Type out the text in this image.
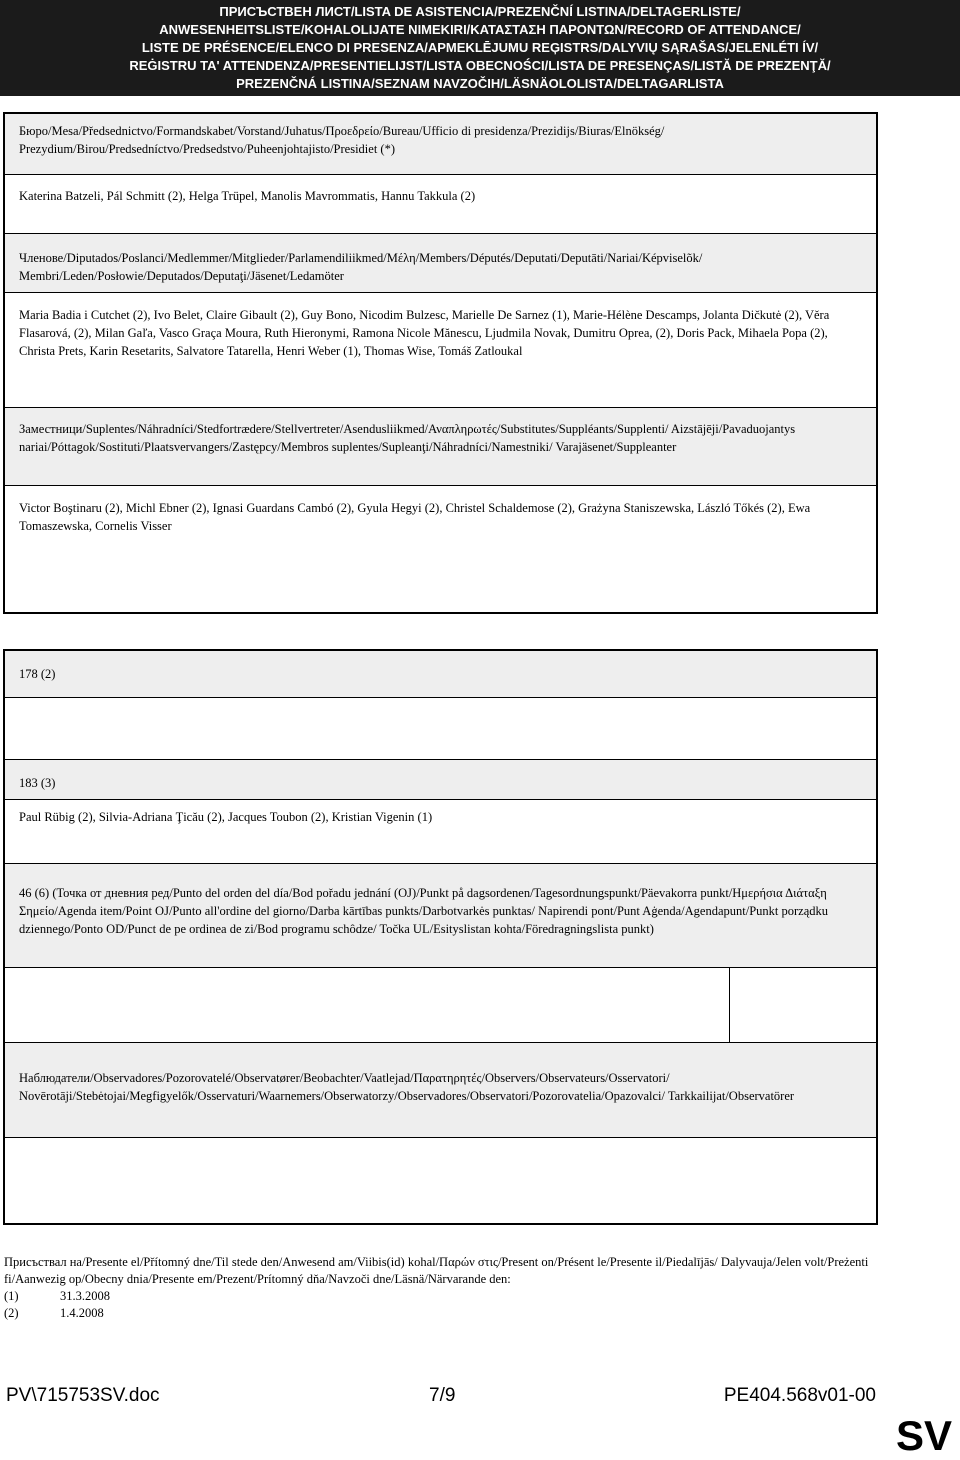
ПРИСЪСТВЕН ЛИСТ/LISTA DE ASISTENCIA/PREZENČNÍ LISTINA/DELTAGERLISTE/
ANWESENHEITSLISTE/KOHALOLIJATE NIMEKIRI/ΚΑΤΑΣΤΑΣΗ ΠΑΡΟΝΤΩΝ/RECORD OF ATTENDANCE/
LISTE DE PRÉSENCE/ELENCO DI PRESENZA/APMEKLĒJUMU REĢISTRS/DALYVIŲ SĄRAŠAS/JELENLÉTI ÍV/
REĠISTRU TA' ATTENDENZA/PRESENTIELIJST/LISTA OBECNOŚCI/LISTA DE PRESENÇAS/LISTĂ DE PREZENŢĂ/
PREZENČNÁ LISTINA/SEZNAM NAVZOČIH/LÄSNÄOLOLISTA/DELTAGARLISTA
Бюро/Mesa/Předsednictvo/Formandskabet/Vorstand/Juhatus/Προεδρείο/Bureau/Ufficio di presidenza/Prezidijs/Biuras/Elnökség/ Prezydium/Birou/Predsedníctvo/Predsedstvo/Puheenjohtajisto/Presidiet (*)
Katerina Batzeli, Pál Schmitt (2), Helga Trüpel, Manolis Mavrommatis, Hannu Takkula (2)
Членове/Diputados/Poslanci/Medlemmer/Mitglieder/Parlamendiliikmed/Μέλη/Members/Députés/Deputati/Deputāti/Nariai/Képviselõk/ Membri/Leden/Posłowie/Deputados/Deputaţi/Jäsenet/Ledamöter
Maria Badia i Cutchet (2), Ivo Belet, Claire Gibault (2), Guy Bono, Nicodim Bulzesc, Marielle De Sarnez (1), Marie-Hélène Descamps, Jolanta Dičkutė (2), Věra Flasarová, (2), Milan Gaľa, Vasco Graça Moura, Ruth Hieronymi, Ramona Nicole Mănescu, Ljudmila Novak, Dumitru Oprea, (2), Doris Pack, Mihaela Popa (2), Christa Prets, Karin Resetarits, Salvatore Tatarella, Henri Weber (1), Thomas Wise, Tomáš Zatloukal
Заместници/Suplentes/Náhradníci/Stedfortrædere/Stellvertreter/Asendusliikmed/Αναπληρωτές/Substitutes/Suppléants/Supplenti/ Aizstājēji/Pavaduojantys nariai/Póttagok/Sostituti/Plaatsvervangers/Zastępcy/Membros suplentes/Supleanţi/Náhradníci/Namestniki/ Varajäsenet/Suppleanter
Victor Boştinaru (2), Michl Ebner (2), Ignasi Guardans Cambó (2), Gyula Hegyi (2), Christel Schaldemose (2), Grażyna Staniszewska, László Tőkés (2), Ewa Tomaszewska, Cornelis Visser
178 (2)
183 (3)
Paul Rübig (2), Silvia-Adriana Ţicău (2), Jacques Toubon (2), Kristian Vigenin (1)
46 (6) (Точка от дневния ред/Punto del orden del día/Bod pořadu jednání (OJ)/Punkt på dagsordenen/Tagesordnungspunkt/Päevakorra punkt/Ημερήσια Διάταξη Σημείο/Agenda item/Point OJ/Punto all'ordine del giorno/Darba kārtības punkts/Darbotvarkės punktas/ Napirendi pont/Punt Aġenda/Agendapunt/Punkt porządku dziennego/Ponto OD/Punct de pe ordinea de zi/Bod programu schôdze/ Točka UL/Esityslistan kohta/Föredragningslista punkt)
Наблюдатели/Observadores/Pozorovatelé/Observatører/Beobachter/Vaatlejad/Παρατηρητές/Observers/Observateurs/Osservatori/ Novērotāji/Stebėtojai/Megfigyelők/Osservaturi/Waarnemers/Obserwatorzy/Observadores/Observatori/Pozorovatelia/Opazovalci/ Tarkkailijat/Observatörer
Присъствал на/Presente el/Přítomný dne/Til stede den/Anwesend am/Viibis(id) kohal/Παρών στις/Present on/Présent le/Presente il/Piedalījās/ Dalyvauja/Jelen volt/Preżenti fi/Aanwezig op/Obecny dnia/Presente em/Prezent/Prítomný dňa/Navzoči dne/Läsnä/Närvarande den:
(1)	31.3.2008
(2)	1.4.2008
PV\715753SV.doc	7/9	PE404.568v01-00
SV
